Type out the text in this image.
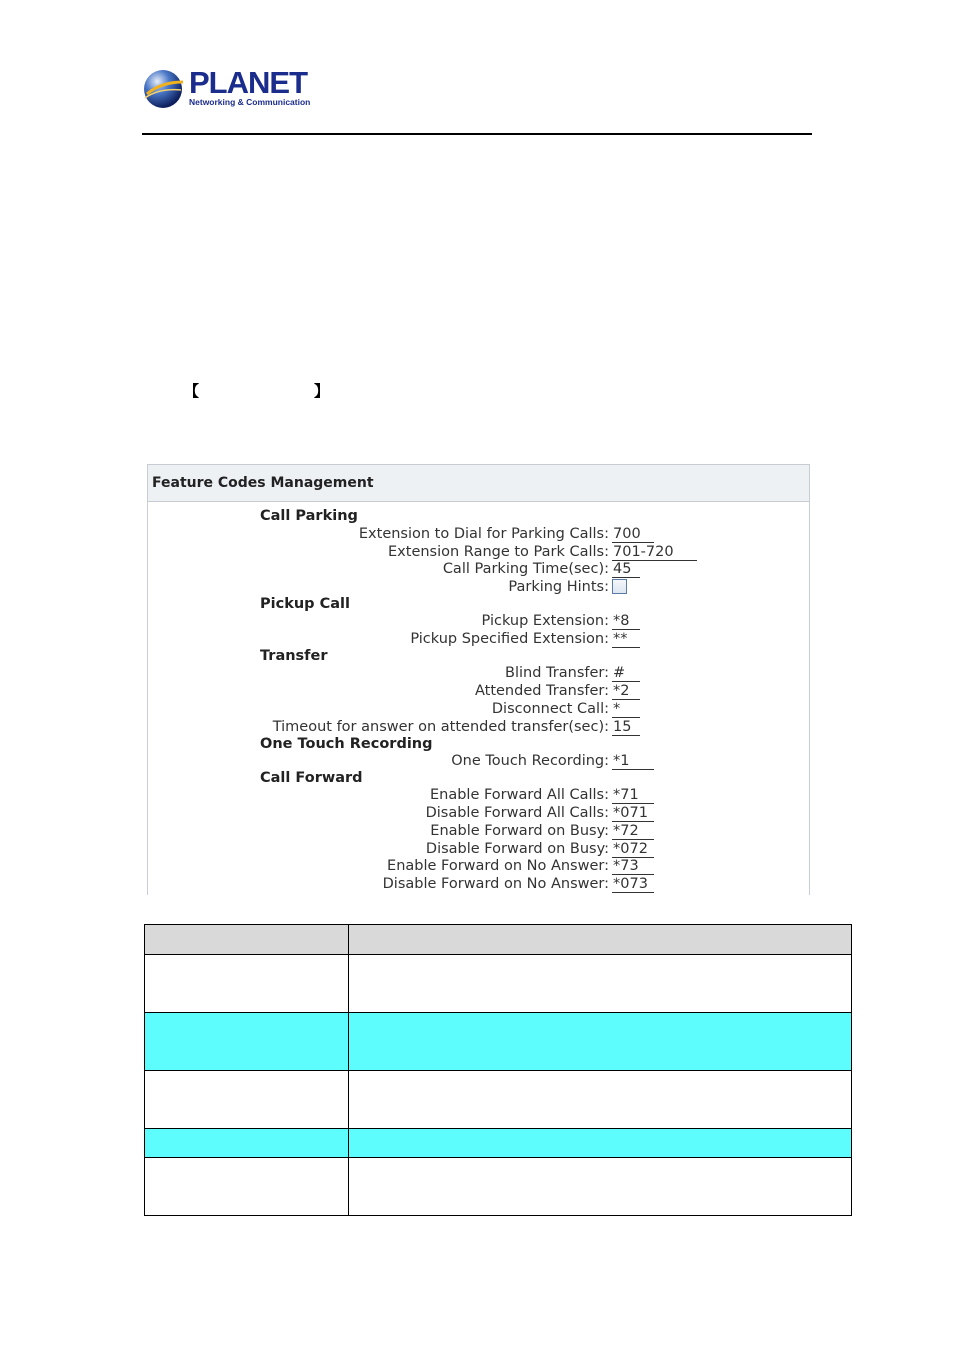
PLANET
Networking & Communication
【	】
Feature Codes Management
Call Parking
Extension to Dial for Parking Calls: 700
Extension Range to Park Calls: 701-720
Call Parking Time(sec): 45
Parking Hints:
Pickup Call
Pickup Extension: *8
Pickup Specified Extension: **
Transfer
Blind Transfer: #
Attended Transfer: *2
Disconnect Call: *
Timeout for answer on attended transfer(sec): 15
One Touch Recording
One Touch Recording: *1
Call Forward
Enable Forward All Calls: *71
Disable Forward All Calls: *071
Enable Forward on Busy: *72
Disable Forward on Busy: *072
Enable Forward on No Answer: *73
Disable Forward on No Answer: *073
